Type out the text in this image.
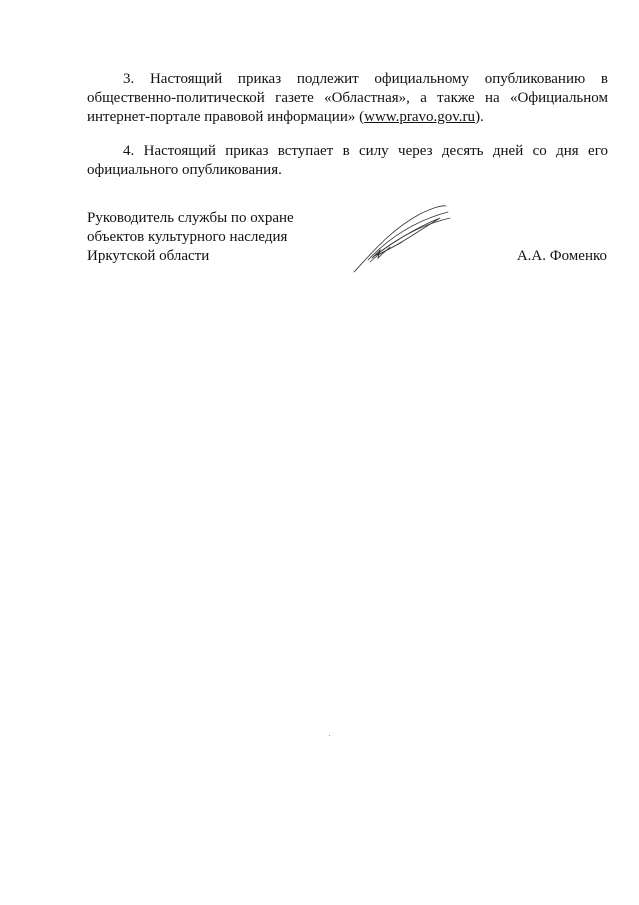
3. Настоящий приказ подлежит официальному опубликованию в
общественно-политической газете «Областная», а также на «Официальном
интернет-портале правовой информации» (www.pravo.gov.ru).
4. Настоящий приказ вступает в силу через десять дней со дня его
официального опубликования.
Руководитель службы по охране
объектов культурного наследия
Иркутской области	А.А. Фоменко
